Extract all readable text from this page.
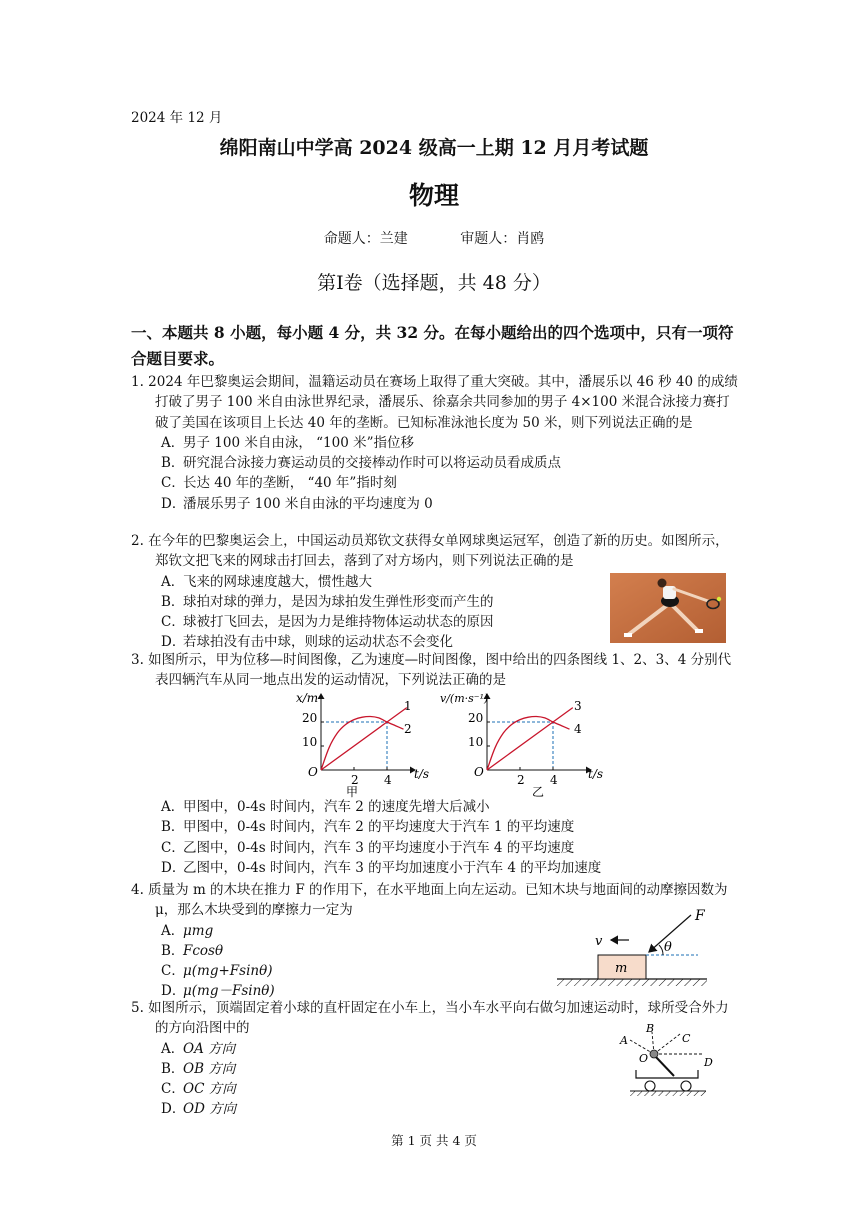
2024 年 12 月
绵阳南山中学高 2024 级高一上期 12 月月考试题
物理
命题人：兰建	审题人：肖鸥
第Ⅰ卷（选择题，共 48 分）
一、本题共 8 小题，每小题 4 分，共 32 分。在每小题给出的四个选项中，只有一项符合题目要求。
1. 2024 年巴黎奥运会期间，温籍运动员在赛场上取得了重大突破。其中，潘展乐以 46 秒 40 的成绩打破了男子 100 米自由泳世界纪录，潘展乐、徐嘉余共同参加的男子 4×100 米混合泳接力赛打破了美国在该项目上长达 40 年的垄断。已知标准泳池长度为 50 米，则下列说法正确的是
A．男子 100 米自由泳， “100 米”指位移
B．研究混合泳接力赛运动员的交接棒动作时可以将运动员看成质点
C．长达 40 年的垄断， “40 年”指时刻
D．潘展乐男子 100 米自由泳的平均速度为 0
2. 在今年的巴黎奥运会上，中国运动员郑钦文获得女单网球奥运冠军，创造了新的历史。如图所示，郑钦文把飞来的网球击打回去，落到了对方场内，则下列说法正确的是
A．飞来的网球速度越大，惯性越大
B．球拍对球的弹力，是因为球拍发生弹性形变而产生的
C．球被打飞回去，是因为力是维持物体运动状态的原因
D．若球拍没有击中球，则球的运动状态不会变化
3. 如图所示，甲为位移—时间图像，乙为速度—时间图像，图中给出的四条图线 1、2、3、4 分别代表四辆汽车从同一地点出发的运动情况，下列说法正确的是
x/m
t/s
O
10
20
2 4
1
2
甲
v/(m·s⁻¹)
t/s
O
10
20
2 4
3
4
乙
A．甲图中，0-4s 时间内，汽车 2 的速度先增大后减小
B．甲图中，0-4s 时间内，汽车 2 的平均速度大于汽车 1 的平均速度
C．乙图中，0-4s 时间内，汽车 3 的平均速度小于汽车 4 的平均速度
D．乙图中，0-4s 时间内，汽车 3 的平均加速度小于汽车 4 的平均加速度
4. 质量为 m 的木块在推力 F 的作用下，在水平地面上向左运动。已知木块与地面间的动摩擦因数为μ，那么木块受到的摩擦力一定为
A．μmg
B．Fcosθ
C．μ(mg+Fsinθ)
D．μ(mg－Fsinθ)
m
θ
F
v
5. 如图所示，顶端固定着小球的直杆固定在小车上，当小车水平向右做匀加速运动时，球所受合外力的方向沿图中的
A．OA 方向
B．OB 方向
C．OC 方向
D．OD 方向
A
B
C
O	D
第 1 页 共 4 页
